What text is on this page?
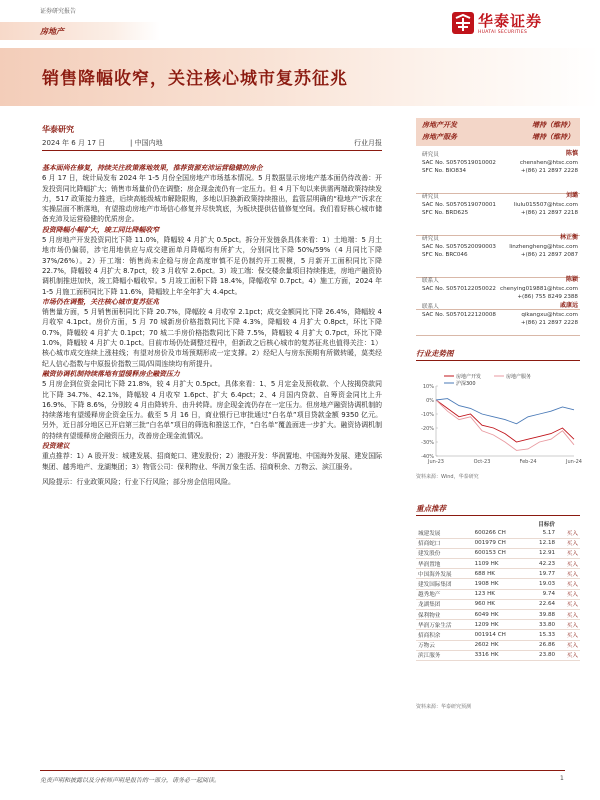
证券研究报告
房地产
华泰证券
HUATAI SECURITIES
销售降幅收窄，关注核心城市复苏征兆
华泰研究
2024 年 6 月 17 日	| 中国内地	行业月报
基本面尚在修复，持续关注政策落地效果，推荐资源充沛运营稳健的房企
6 月 17 日，统计局发布 2024 年 1-5 月份全国房地产市场基本情况。5 月数据显示房地产基本面仍待改善：开发投资同比降幅扩大；销售市场量价仍在调整；房企现金流仍有一定压力。但 4 月下旬以来供需两端政策持续发力，517 政策接力推进，后续高能级城市解除限购，多地以旧换新政策持续推出，监管层明确的“稳地产”诉求在实操层面不断落地，有望推动房地产市场信心修复并尽快筑底，为板块提供估值修复空间。我们看好核心城市储备充沛及运营稳健的优质房企。
投资降幅小幅扩大，竣工同比降幅收窄
5 月房地产开发投资同比下降 11.0%，降幅较 4 月扩大 0.5pct。拆分开发链条具体来看：1）土地端：5 月土地市场仍偏弱，涉宅用地供应与成交建面单月降幅均有所扩大，分别同比下降 50%/59%（4 月同比下降 37%/26%）。2）开工端：销售尚未企稳与房企高度审慎不足仍制约开工规模，5 月新开工面积同比下降 22.7%，降幅较 4 月扩大 8.7pct，较 3 月收窄 2.6pct。3）竣工端：保交楼余量项目持续推进，房地产融资协调机制推进加快，竣工降幅小幅收窄。5 月竣工面积下降 18.4%，降幅收窄 0.7pct。4）施工方面，2024 年 1-5 月施工面积同比下降 11.6%，降幅较上年全年扩大 4.4pct。
市场仍在调整，关注核心城市复苏征兆
销售量方面，5 月销售面积同比下降 20.7%，降幅较 4 月收窄 2.1pct；成交金额同比下降 26.4%，降幅较 4 月收窄 4.1pct。房价方面，5 月 70 城新房价格指数同比下降 4.3%，降幅较 4 月扩大 0.8pct，环比下降 0.7%，降幅较 4 月扩大 0.1pct；70 城二手房价格指数同比下降 7.5%，降幅较 4 月扩大 0.7pct，环比下降 1.0%，降幅较 4 月扩大 0.1pct。目前市场仍处调整过程中，但新政之后核心城市的复苏征兆也值得关注：1）核心城市成交连续上涨桂线；有望对房价及市场预期形成一定支撑。2）经纪人与房东预期有所微转暖，莫类经纪人信心指数与中原报价指数三周/四周连续均有所提升。
融资协调机制持续落地有望缓释房企融资压力
5 月房企到位资金同比下降 21.8%，较 4 月扩大 0.5pct。具体来看：1、5 月定金及预收款、个人按揭贷款同比下降 34.7%、42.1%，降幅较 4 月收窄 1.6pct、扩大 6.4pct；2、4 月国内贷款、自筹资金同比上升 16.9%、下降 8.6%，分别较 4 月由降转升、由升转降。房企现金流仍存在一定压力。但房地产融资协调机制的持续落地有望缓释房企资金压力。截至 5 月 16 日，商业银行已审批通过“白名单”项目贷款金额 9350 亿元。另外，近日部分地区已开启第三批“白名单”项目的筛选和推送工作，“白名单”覆盖面进一步扩大。融资协调机制的持续有望缓释房企融资压力，改善房企现金流情况。
投资建议
重点推荐：1）A 股开发：城建发展、招商蛇口、建发股份；2）港股开发：华润置地、中国海外发展、建发国际集团、越秀地产、龙湖集团；3）物管公司：保利物业、华润万象生活、招商积余、万物云、滨江服务。
风险提示：行业政策风险；行业下行风险；部分房企信用风险。
房地产开发	增持（维持）
房地产服务	增持（维持）
研究员	陈慎
SAC No. S0570519010002
SFC No. BIO834
chenshen@htsc.com
+(86) 21 2897 2228
研究员	刘璐
SAC No. S0570519070001
SFC No. BRD625
liulu015507@htsc.com
+(86) 21 2897 2218
研究员	林正衡
SAC No. S0570520090003
SFC No. BRC046
linzhengheng@htsc.com
+(86) 21 2897 2087
联系人	陈颖
SAC No. S0570122050022 chenying019881@htsc.com
+(86) 755 8249 2388
联系人	戚康远
SAC No. S0570122120008	qikangxu@htsc.com
+(86) 21 2897 2228
行业走势图
10%
0%
-10%
-20%
-30%
-40%
Jun-23	Oct-23	Feb-24	Jun-24
房地产开发	房地产服务
沪深300
资料来源：Wind，华泰研究
重点推荐
		目标价	
城建发展	600266 CH	5.17	买入
招商蛇口	001979 CH	12.18	买入
建发股份	600153 CH	12.91	买入
华润置地	1109 HK	42.23	买入
中国海外发展	688 HK	19.77	买入
建发国际集团	1908 HK	19.03	买入
越秀地产	123 HK	9.74	买入
龙湖集团	960 HK	22.64	买入
保利物业	6049 HK	39.88	买入
华润万象生活	1209 HK	33.80	买入
招商积余	001914 CH	15.33	买入
万物云	2602 HK	26.86	买入
滨江服务	3316 HK	23.80	买入
资料来源：华泰研究预测
免责声明和披露以及分析师声明是报告的一部分，请务必一起阅读。	1
